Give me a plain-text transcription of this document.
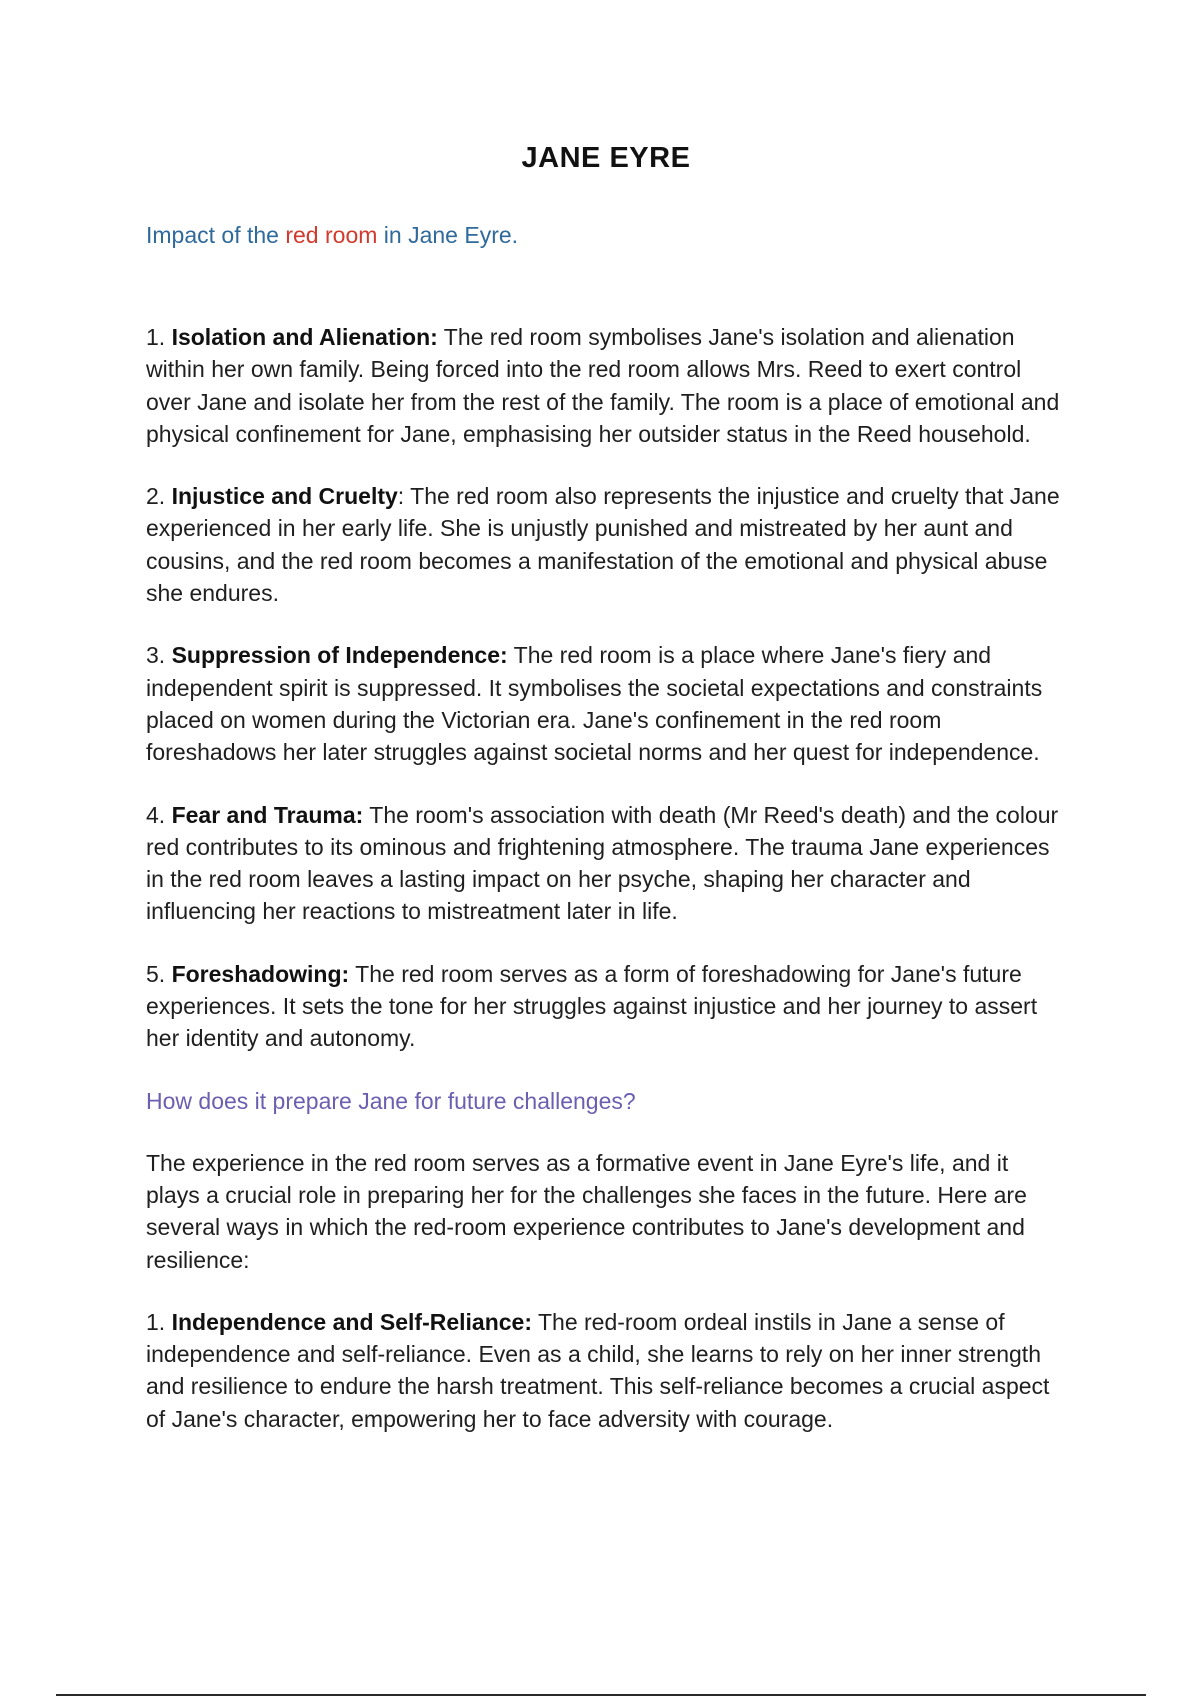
JANE EYRE
Impact of the red room in Jane Eyre.

1. Isolation and Alienation: The red room symbolises Jane's isolation and alienation within her own family. Being forced into the red room allows Mrs. Reed to exert control over Jane and isolate her from the rest of the family. The room is a place of emotional and physical confinement for Jane, emphasising her outsider status in the Reed household.

2. Injustice and Cruelty: The red room also represents the injustice and cruelty that Jane experienced in her early life. She is unjustly punished and mistreated by her aunt and cousins, and the red room becomes a manifestation of the emotional and physical abuse she endures.

3. Suppression of Independence: The red room is a place where Jane's fiery and independent spirit is suppressed. It symbolises the societal expectations and constraints placed on women during the Victorian era. Jane's confinement in the red room foreshadows her later struggles against societal norms and her quest for independence.

4. Fear and Trauma: The room's association with death (Mr Reed's death) and the colour red contributes to its ominous and frightening atmosphere. The trauma Jane experiences in the red room leaves a lasting impact on her psyche, shaping her character and influencing her reactions to mistreatment later in life.

5. Foreshadowing: The red room serves as a form of foreshadowing for Jane's future experiences. It sets the tone for her struggles against injustice and her journey to assert her identity and autonomy.

How does it prepare Jane for future challenges?

The experience in the red room serves as a formative event in Jane Eyre's life, and it plays a crucial role in preparing her for the challenges she faces in the future. Here are several ways in which the red-room experience contributes to Jane's development and resilience:

1. Independence and Self-Reliance: The red-room ordeal instils in Jane a sense of independence and self-reliance. Even as a child, she learns to rely on her inner strength and resilience to endure the harsh treatment. This self-reliance becomes a crucial aspect of Jane's character, empowering her to face adversity with courage.
